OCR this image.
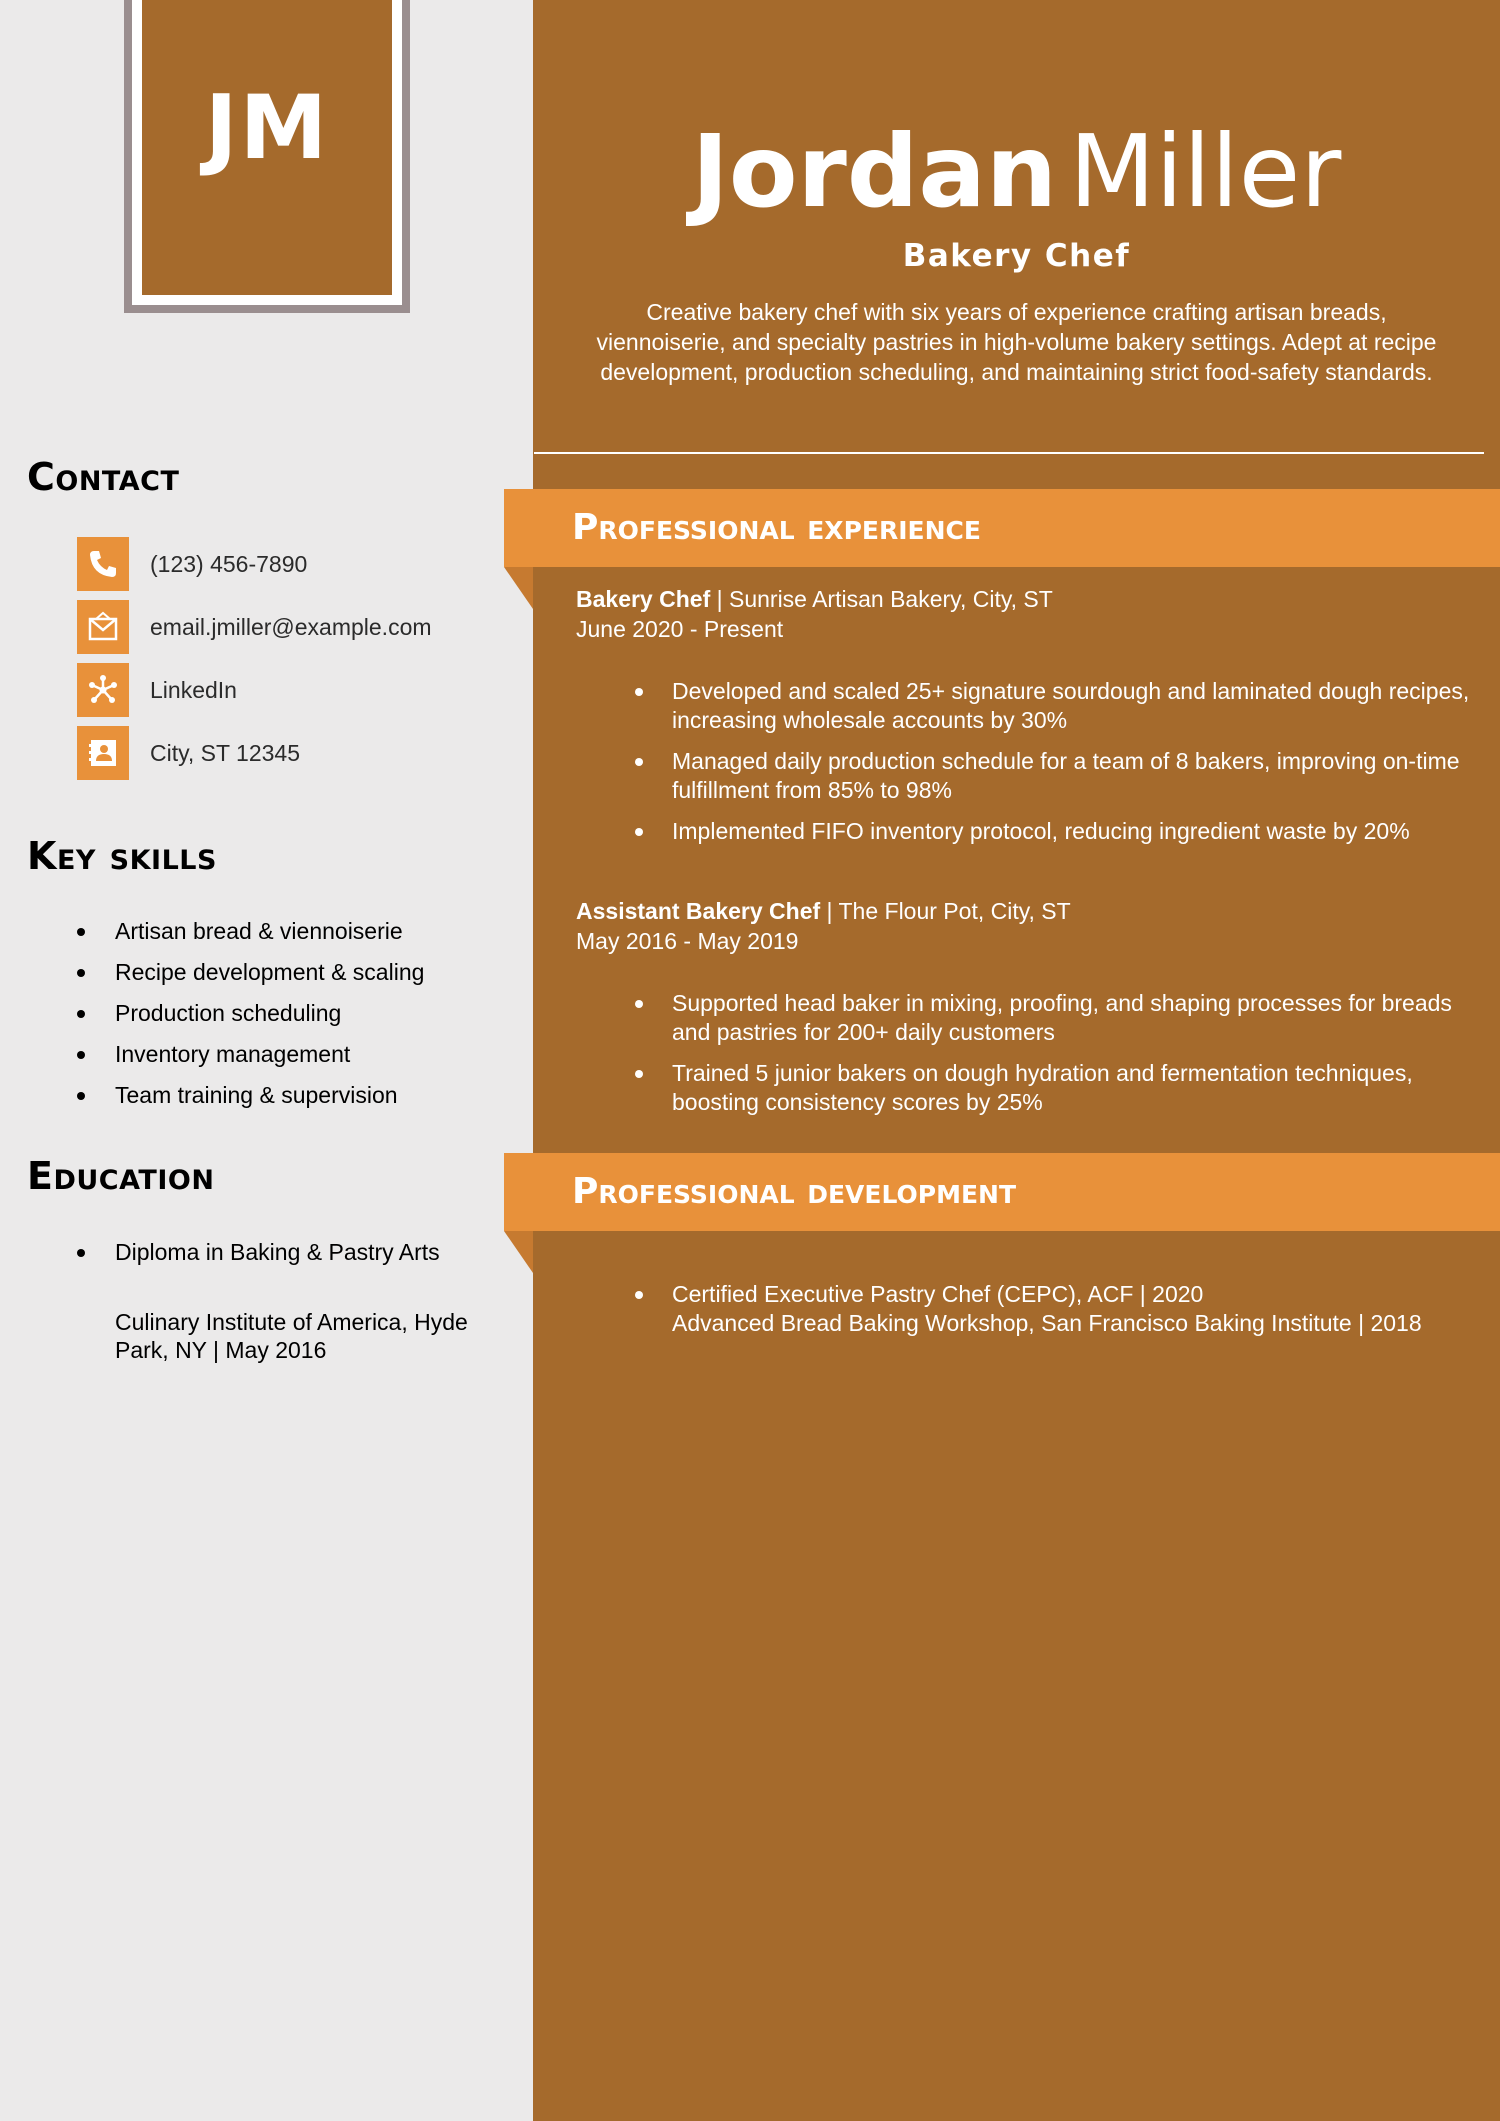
JM
Contact
(123) 456-7890
email.jmiller@example.com
LinkedIn
City, ST 12345
Key skills
Artisan bread & viennoiserie
Recipe development & scaling
Production scheduling
Inventory management
Team training & supervision
Education
Diploma in Baking & Pastry Arts
Culinary Institute of America, Hyde Park, NY | May 2016
Jordan Miller
Bakery Chef

Creative bakery chef with six years of experience crafting artisan breads, viennoiserie, and specialty pastries in high-volume bakery settings. Adept at recipe development, production scheduling, and maintaining strict food-safety standards.

Professional experience
Bakery Chef | Sunrise Artisan Bakery, City, ST
June 2020 - Present
Developed and scaled 25+ signature sourdough and laminated dough recipes, increasing wholesale accounts by 30%
Managed daily production schedule for a team of 8 bakers, improving on-time fulfillment from 85% to 98%
Implemented FIFO inventory protocol, reducing ingredient waste by 20%
Assistant Bakery Chef | The Flour Pot, City, ST
May 2016 - May 2019
Supported head baker in mixing, proofing, and shaping processes for breads and pastries for 200+ daily customers
Trained 5 junior bakers on dough hydration and fermentation techniques, boosting consistency scores by 25%
Professional development
Certified Executive Pastry Chef (CEPC), ACF | 2020
Advanced Bread Baking Workshop, San Francisco Baking Institute | 2018
